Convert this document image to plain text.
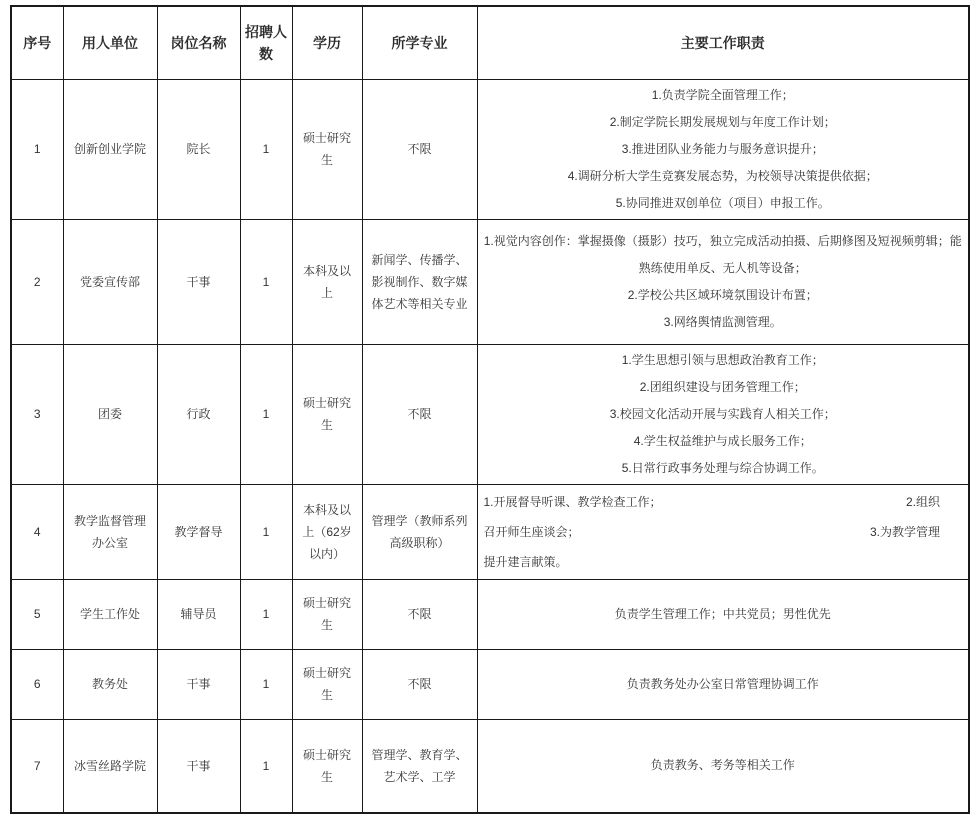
序号	用人单位	岗位名称	招聘人数	学历	所学专业	主要工作职责
1	创新创业学院	院长	1	硕士研究生	不限	1.负责学院全面管理工作；

2.制定学院长期发展规划与年度工作计划；

3.推进团队业务能力与服务意识提升；

4.调研分析大学生竞赛发展态势，为校领导决策提供依据；

5.协同推进双创单位（项目）申报工作。

2	党委宣传部	干事	1	本科及以上	新闻学、传播学、影视制作、数字媒体艺术等相关专业	1.视觉内容创作：掌握摄像（摄影）技巧，独立完成活动拍摄、后期修图及短视频剪辑；能熟练使用单反、无人机等设备；

2.学校公共区域环境氛围设计布置；

3.网络舆情监测管理。

3	团委	行政	1	硕士研究生	不限	1.学生思想引领与思想政治教育工作；

2.团组织建设与团务管理工作；

3.校园文化活动开展与实践育人相关工作；

4.学生权益维护与成长服务工作；

5.日常行政事务处理与综合协调工作。

4	教学监督管理办公室	教学督导	1	本科及以上（62岁以内）	管理学（教师系列高级职称）	1.开展督导听课、教学检查工作； 2.组织
召开师生座谈会； 3.为教学管理
提升建言献策。

5	学生工作处	辅导员	1	硕士研究生	不限	负责学生管理工作；中共党员；男性优先

6	教务处	干事	1	硕士研究生	不限	负责教务处办公室日常管理协调工作

7	冰雪丝路学院	干事	1	硕士研究生	管理学、教育学、艺术学、工学	负责教务、考务等相关工作
